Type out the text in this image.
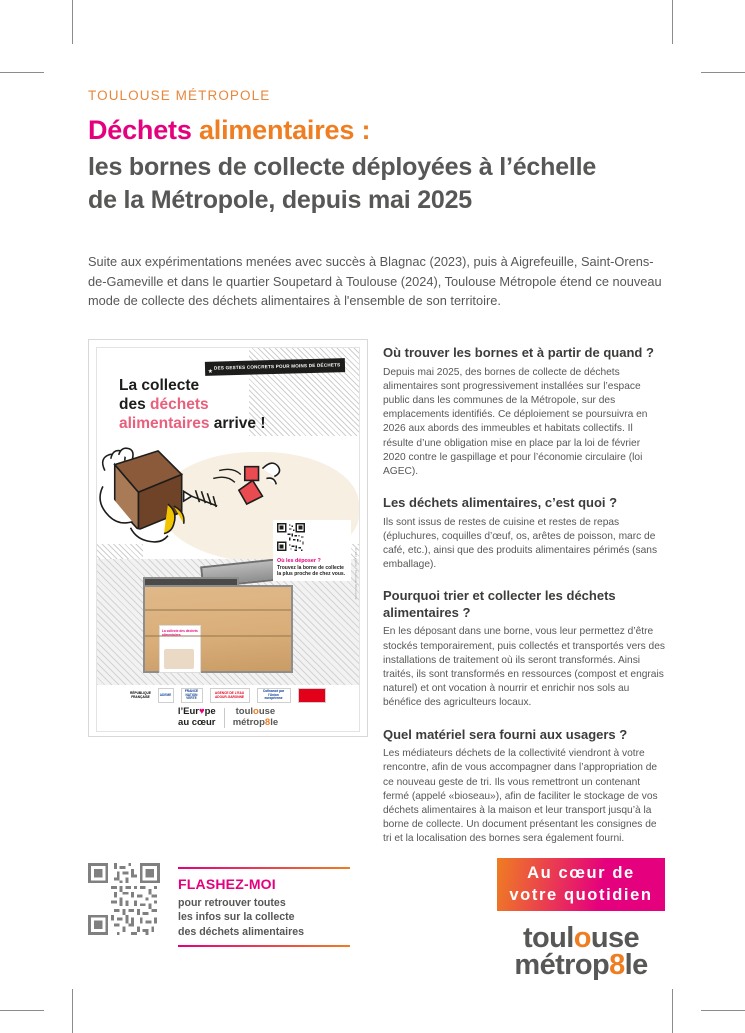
TOULOUSE MÉTROPOLE
Déchets alimentaires :
les bornes de collecte déployées à l’échelle
de la Métropole, depuis mai 2025
Suite aux expérimentations menées avec succès à Blagnac (2023), puis à Aigrefeuille, Saint-Orens-de-Gameville et dans le quartier Soupetard à Toulouse (2024), Toulouse Métropole étend ce nouveau mode de collecte des déchets alimentaires à l'ensemble de son territoire.
★
DES GESTES CONCRETS POUR MOINS DE DÉCHETS
La collecte
des déchets
alimentaires arrive !
La collecte des déchets alimentaires
Où les déposer ?
Trouvez la borne de collecte la plus proche de chez vous.	Crédit photo : Toulouse Métropole
RÉPUBLIQUE FRANÇAISE	ADEME
FRANCE NATION VERTE
AGENCE DE L'EAU ADOUR-GARONNE
Cofinancé par l'Union européenne
RÉGION OCCITANIE
l’Eur♥pe
au cœur
toulouse
métrop8le
Où trouver les bornes et à partir de quand ?

Depuis mai 2025, des bornes de collecte de déchets alimentaires sont progressivement installées sur l’espace public dans les communes de la Métropole, sur des emplacements identifiés. Ce déploiement se poursuivra en 2026 aux abords des immeubles et habitats collectifs. Il résulte d’une obligation mise en place par la loi de février 2020 contre le gaspillage et pour l’économie circulaire (loi AGEC).

Les déchets alimentaires, c’est quoi ?

Ils sont issus de restes de cuisine et restes de repas (épluchures, coquilles d’œuf, os, arêtes de poisson, marc de café, etc.), ainsi que des produits alimentaires périmés (sans emballage).

Pourquoi trier et collecter les déchets alimentaires ?

En les déposant dans une borne, vous leur permettez d’être stockés temporairement, puis collectés et transportés vers des installations de traitement où ils seront transformés. Ainsi traités, ils sont transformés en ressources (compost et engrais naturel) et ont vocation à nourrir et enrichir nos sols au bénéfice des agriculteurs locaux.

Quel matériel sera fourni aux usagers ?

Les médiateurs déchets de la collectivité viendront à votre rencontre, afin de vous accompagner dans l’appropriation de ce nouveau geste de tri. Ils vous remettront un contenant fermé (appelé «bioseau»), afin de faciliter le stockage de vos déchets alimentaires à la maison et leur transport jusqu’à la borne de collecte. Un document présentant les consignes de tri et la localisation des bornes sera également fourni.

FLASHEZ-MOI
pour retrouver toutes
les infos sur la collecte
des déchets alimentaires
Au cœur de
votre quotidien
toulouse
métrop8le
